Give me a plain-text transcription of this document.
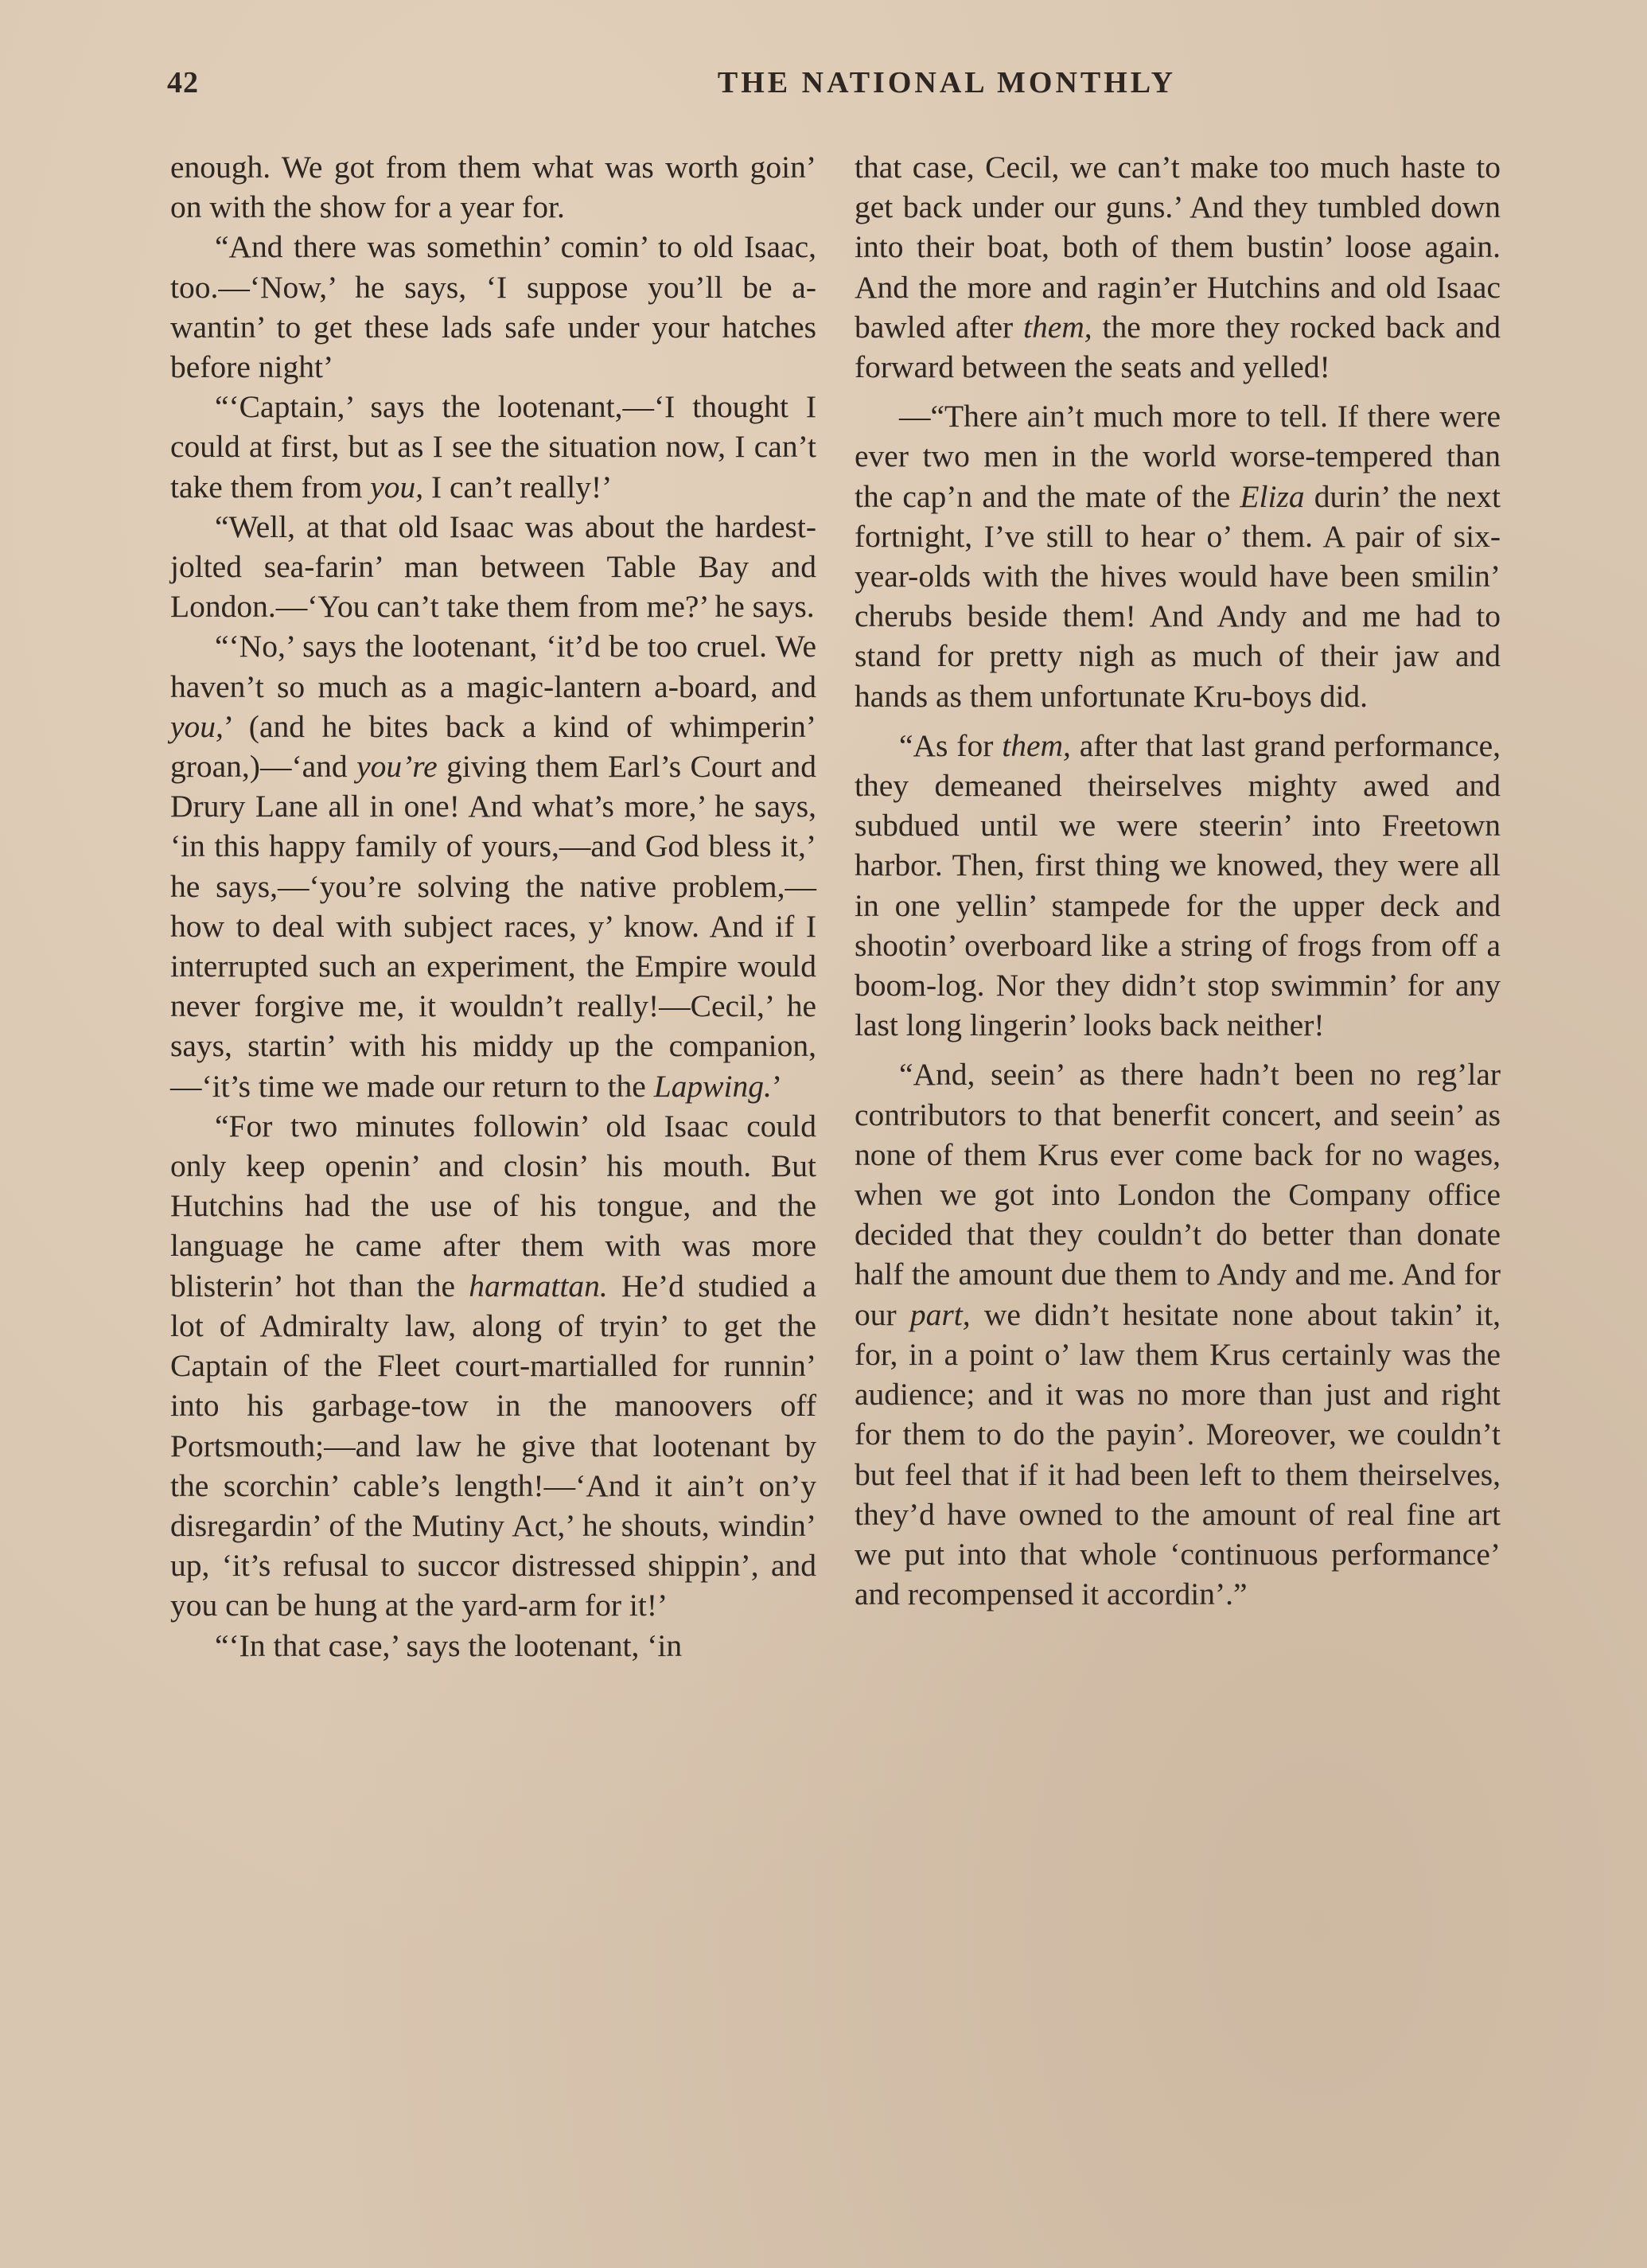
42	THE NATIONAL MONTHLY

enough. We got from them what was worth goin’ on with the show for a year for.

“And there was somethin’ comin’ to old Isaac, too.—‘Now,’ he says, ‘I suppose you’ll be a-wantin’ to get these lads safe under your hatches before night’

“‘Captain,’ says the lootenant,—‘I thought I could at first, but as I see the situation now, I can’t take them from you, I can’t really!’

“Well, at that old Isaac was about the hardest-jolted sea-farin’ man between Table Bay and London.—‘You can’t take them from me?’ he says.

“‘No,’ says the lootenant, ‘it’d be too cruel. We haven’t so much as a magic-lantern a-board, and you,’ (and he bites back a kind of whimperin’ groan,)—‘and you’re giving them Earl’s Court and Drury Lane all in one! And what’s more,’ he says, ‘in this happy family of yours,—and God bless it,’ he says,—‘you’re solving the native problem,—how to deal with subject races, y’ know. And if I interrupted such an experiment, the Empire would never forgive me, it wouldn’t really!—Cecil,’ he says, startin’ with his middy up the companion,—‘it’s time we made our return to the Lapwing.’

“For two minutes followin’ old Isaac could only keep openin’ and closin’ his mouth. But Hutchins had the use of his tongue, and the language he came after them with was more blisterin’ hot than the harmattan. He’d studied a lot of Admiralty law, along of tryin’ to get the Captain of the Fleet court-martialled for runnin’ into his garbage-tow in the manoovers off Portsmouth;—and law he give that lootenant by the scorchin’ cable’s length!—‘And it ain’t on’y disregardin’ of the Mutiny Act,’ he shouts, windin’ up, ‘it’s refusal to succor distressed shippin’, and you can be hung at the yard-arm for it!’

“‘In that case,’ says the lootenant, ‘in

that case, Cecil, we can’t make too much haste to get back under our guns.’ And they tumbled down into their boat, both of them bustin’ loose again. And the more and ragin’er Hutchins and old Isaac bawled after them, the more they rocked back and forward between the seats and yelled!

—“There ain’t much more to tell. If there were ever two men in the world worse-tempered than the cap’n and the mate of the Eliza durin’ the next fortnight, I’ve still to hear o’ them. A pair of six-year-olds with the hives would have been smilin’ cherubs beside them! And Andy and me had to stand for pretty nigh as much of their jaw and hands as them unfortunate Kru-boys did.

“As for them, after that last grand performance, they demeaned theirselves mighty awed and subdued until we were steerin’ into Freetown harbor. Then, first thing we knowed, they were all in one yellin’ stampede for the upper deck and shootin’ overboard like a string of frogs from off a boom-log. Nor they didn’t stop swimmin’ for any last long lingerin’ looks back neither!

“And, seein’ as there hadn’t been no reg’lar contributors to that benerfit concert, and seein’ as none of them Krus ever come back for no wages, when we got into London the Company office decided that they couldn’t do better than donate half the amount due them to Andy and me. And for our part, we didn’t hesitate none about takin’ it, for, in a point o’ law them Krus certainly was the audience; and it was no more than just and right for them to do the payin’. Moreover, we couldn’t but feel that if it had been left to them theirselves, they’d have owned to the amount of real fine art we put into that whole ‘continuous performance’ and recompensed it accordin’.”
